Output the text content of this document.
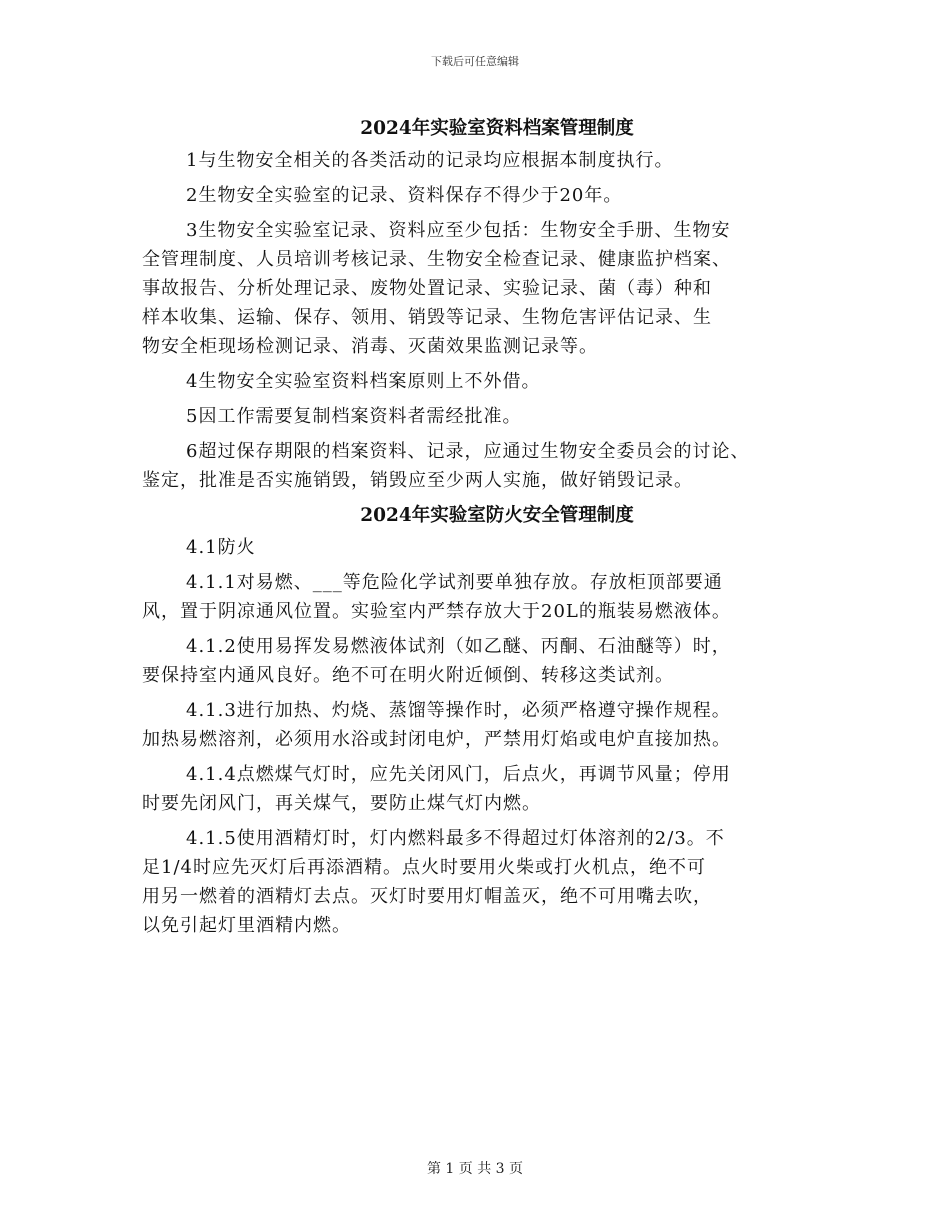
下载后可任意编辑
2024年实验室资料档案管理制度
1与生物安全相关的各类活动的记录均应根据本制度执行。
2生物安全实验室的记录、资料保存不得少于20年。
3生物安全实验室记录、资料应至少包括：生物安全手册、生物安
全管理制度、人员培训考核记录、生物安全检查记录、健康监护档案、
事故报告、分析处理记录、废物处置记录、实验记录、菌（毒）种和
样本收集、运输、保存、领用、销毁等记录、生物危害评估记录、生
物安全柜现场检测记录、消毒、灭菌效果监测记录等。
4生物安全实验室资料档案原则上不外借。
5因工作需要复制档案资料者需经批准。
6超过保存期限的档案资料、记录，应通过生物安全委员会的讨论、
鉴定，批准是否实施销毁，销毁应至少两人实施，做好销毁记录。
2024年实验室防火安全管理制度
4.1防火
4.1.1对易燃、___等危险化学试剂要单独存放。存放柜顶部要通
风，置于阴凉通风位置。实验室内严禁存放大于20L的瓶装易燃液体。
4.1.2使用易挥发易燃液体试剂（如乙醚、丙酮、石油醚等）时，
要保持室内通风良好。绝不可在明火附近倾倒、转移这类试剂。
4.1.3进行加热、灼烧、蒸馏等操作时，必须严格遵守操作规程。
加热易燃溶剂，必须用水浴或封闭电炉，严禁用灯焰或电炉直接加热。
4.1.4点燃煤气灯时，应先关闭风门，后点火，再调节风量；停用
时要先闭风门，再关煤气，要防止煤气灯内燃。
4.1.5使用酒精灯时，灯内燃料最多不得超过灯体溶剂的2/3。不
足1/4时应先灭灯后再添酒精。点火时要用火柴或打火机点，绝不可
用另一燃着的酒精灯去点。灭灯时要用灯帽盖灭，绝不可用嘴去吹，
以免引起灯里酒精内燃。
第 1 页 共 3 页
